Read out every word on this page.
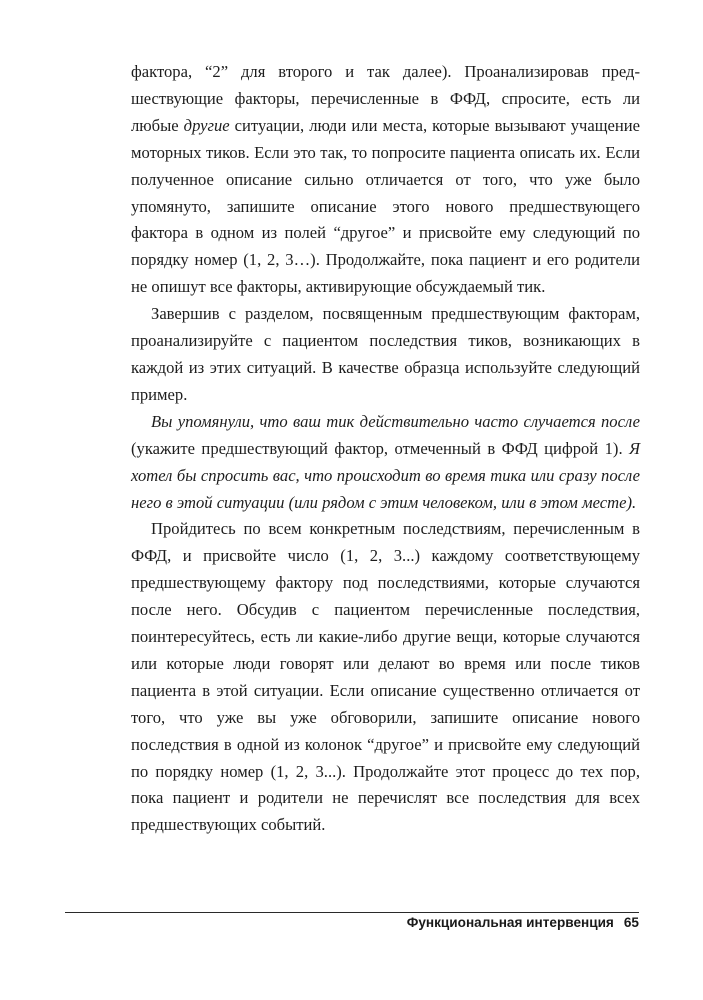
фактора, “2” для второго и так далее). Проанализировав предшествующие факторы, перечисленные в ФФД, спросите, есть ли любые другие ситуации, люди или места, которые вызывают учащение моторных тиков. Если это так, то попросите пациента описать их. Если полученное описание сильно отличается от того, что уже было упомянуто, запишите описание этого нового предшествующего фактора в одном из полей “другое” и присвойте ему следующий по порядку номер (1, 2, 3…). Продолжайте, пока пациент и его родители не опишут все факторы, активирующие обсуждаемый тик.

Завершив с разделом, посвященным предшествующим факторам, проанализируйте с пациентом последствия тиков, возникающих в каждой из этих ситуаций. В качестве образца используйте следующий пример.

Вы упомянули, что ваш тик действительно часто случается после (укажите предшествующий фактор, отмеченный в ФФД цифрой 1). Я хотел бы спросить вас, что происходит во время тика или сразу после него в этой ситуации (или рядом с этим человеком, или в этом месте).

Пройдитесь по всем конкретным последствиям, перечисленным в ФФД, и присвойте число (1, 2, 3...) каждому соответствующему предшествующему фактору под последствиями, которые случаются после него. Обсудив с пациентом перечисленные последствия, поинтересуйтесь, есть ли какие-либо другие вещи, которые случаются или которые люди говорят или делают во время или после тиков пациента в этой ситуации. Если описание существенно отличается от того, что уже вы уже обговорили, запишите описание нового последствия в одной из колонок “другое” и присвойте ему следующий по порядку номер (1, 2, 3...). Продолжайте этот процесс до тех пор, пока пациент и родители не перечислят все последствия для всех предшествующих событий.

Функциональная интервенция 65
